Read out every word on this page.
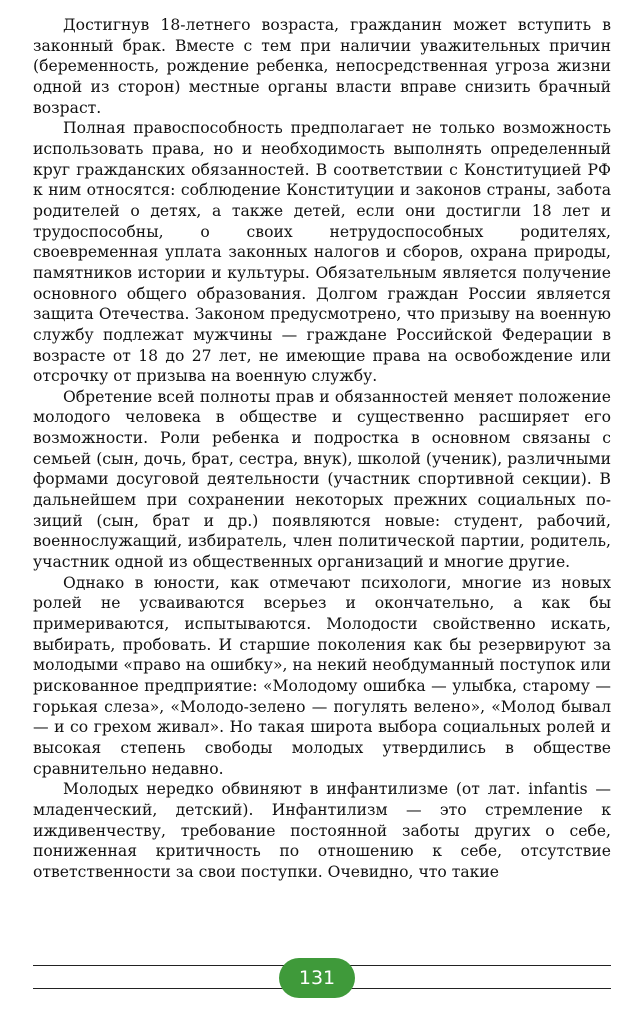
Достигнув 18-летнего возраста, гражданин может вступить в законный брак. Вместе с тем при наличии уважительных причин (беременность, рождение ребенка, непосредственная угроза жизни одной из сторон) местные органы власти вправе снизить брачный возраст.

Полная правоспособность предполагает не только возможность использовать права, но и необходимость выполнять определенный круг гражданских обязанностей. В соответствии с Конституцией РФ к ним относятся: соблюдение Конституции и законов страны, забота родителей о детях, а также детей, если они достигли 18 лет и трудоспособны, о своих нетрудоспособных родителях, своевременная уплата законных налогов и сборов, охрана природы, памятников истории и культуры. Обязательным является получение основного общего образования. Долгом граждан России является защита Отечества. Законом предусмотрено, что призыву на военную службу подлежат мужчины — граждане Российской Федерации в возрасте от 18 до 27 лет, не имеющие права на освобождение или отсрочку от призыва на военную службу.

Обретение всей полноты прав и обязанностей меняет положение молодого человека в обществе и существенно расширяет его возможности. Роли ребенка и подростка в основном связаны с семьей (сын, дочь, брат, сестра, внук), школой (ученик), различными формами досуговой деятельности (участник спортивной секции). В дальнейшем при сохранении некоторых прежних социальных позиций (сын, брат и др.) появляются новые: студент, рабочий, военнослужащий, избиратель, член политической партии, родитель, участник одной из общественных организаций и многие другие.

Однако в юности, как отмечают психологи, многие из новых ролей не усваиваются всерьез и окончательно, а как бы примериваются, испытываются. Молодости свойственно искать, выбирать, пробовать. И старшие поколения как бы резервируют за молодыми «право на ошибку», на некий необдуманный поступок или рискованное предприятие: «Молодому ошибка — улыбка, старому — горькая слеза», «Молодо-зелено — погулять велено», «Молод бывал — и со грехом живал». Но такая широта выбора социальных ролей и высокая степень свободы молодых утвердились в обществе сравнительно недавно.

Молодых нередко обвиняют в инфантилизме (от лат. infantis — младенческий, детский). Инфантилизм — это стремление к иждивенчеству, требование постоянной заботы других о себе, пониженная критичность по отношению к себе, отсутствие ответственности за свои поступки. Очевидно, что такие

131
